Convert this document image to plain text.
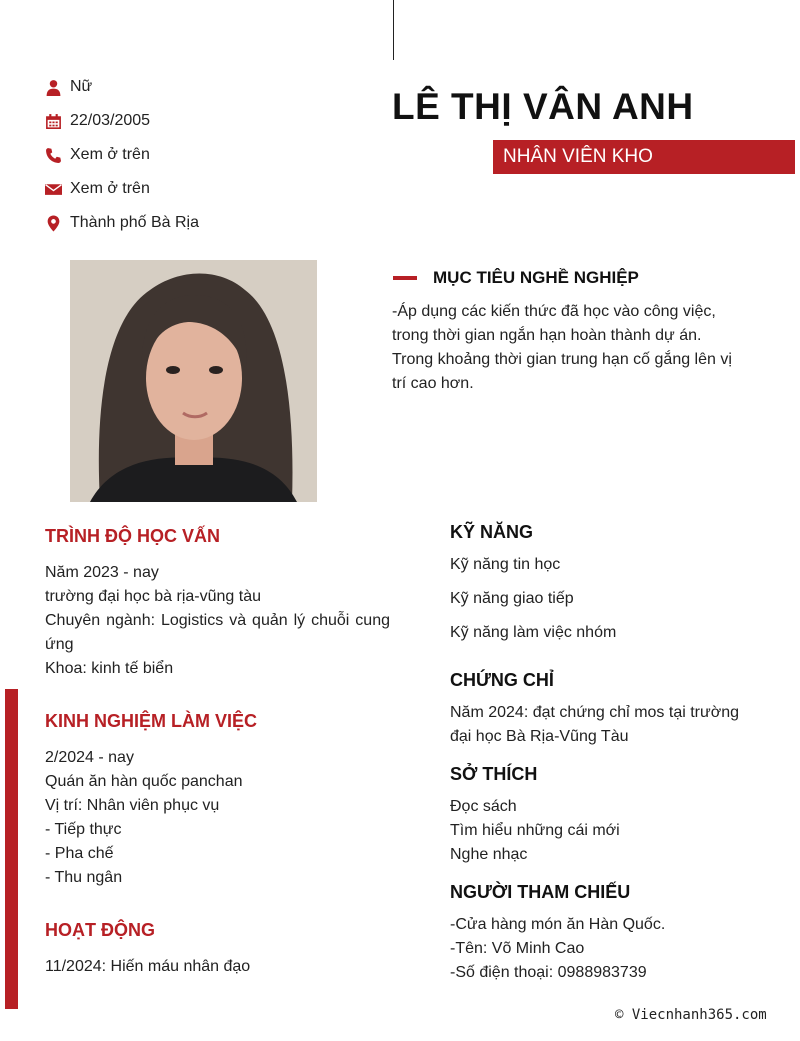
Nữ
22/03/2005
Xem ở trên
Xem ở trên
Thành phố Bà Rịa
LÊ THỊ VÂN ANH
NHÂN VIÊN KHO
MỤC TIÊU NGHỀ NGHIỆP
-Áp dụng các kiến thức đã học vào công việc, trong thời gian ngắn hạn hoàn thành dự án. Trong khoảng thời gian trung hạn cố gắng lên vị trí cao hơn.
TRÌNH ĐỘ HỌC VẤN
Năm 2023 - nay
trường đại học bà rịa-vũng tàu
Chuyên ngành: Logistics và quản lý chuỗi cung ứng
Khoa: kinh tế biển
KINH NGHIỆM LÀM VIỆC
2/2024 - nay
Quán ăn hàn quốc panchan
Vị trí: Nhân viên phục vụ
- Tiếp thực
- Pha chế
- Thu ngân
HOẠT ĐỘNG
11/2024: Hiến máu nhân đạo
KỸ NĂNG
Kỹ năng tin học
Kỹ năng giao tiếp
Kỹ năng làm việc nhóm
CHỨNG CHỈ
Năm 2024: đạt chứng chỉ mos tại trường đại học Bà Rịa-Vũng Tàu
SỞ THÍCH
Đọc sách
Tìm hiểu những cái mới
Nghe nhạc
NGƯỜI THAM CHIẾU
-Cửa hàng món ăn Hàn Quốc.
-Tên: Võ Minh Cao
-Số điện thoại: 0988983739
© Viecnhanh365.com
